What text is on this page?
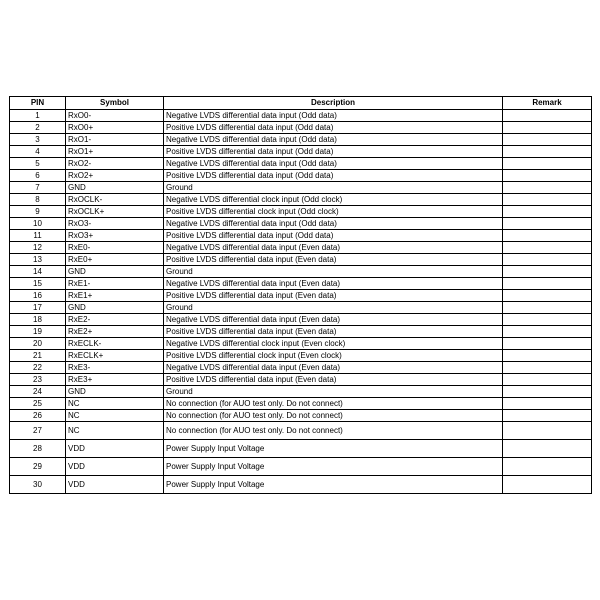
PIN	Symbol	Description	Remark
1	RxO0-	Negative LVDS differential data input (Odd data)	
2	RxO0+	Positive LVDS differential data input (Odd data)	
3	RxO1-	Negative LVDS differential data input (Odd data)	
4	RxO1+	Positive LVDS differential data input (Odd data)	
5	RxO2-	Negative LVDS differential data input (Odd data)	
6	RxO2+	Positive LVDS differential data input (Odd data)	
7	GND	Ground	
8	RxOCLK-	Negative LVDS differential clock input (Odd clock)	
9	RxOCLK+	Positive LVDS differential clock input (Odd clock)	
10	RxO3-	Negative LVDS differential data input (Odd data)	
11	RxO3+	Positive LVDS differential data input (Odd data)	
12	RxE0-	Negative LVDS differential data input (Even data)	
13	RxE0+	Positive LVDS differential data input (Even data)	
14	GND	Ground	
15	RxE1-	Negative LVDS differential data input (Even data)	
16	RxE1+	Positive LVDS differential data input (Even data)	
17	GND	Ground	
18	RxE2-	Negative LVDS differential data input (Even data)	
19	RxE2+	Positive LVDS differential data input (Even data)	
20	RxECLK-	Negative LVDS differential clock input (Even clock)	
21	RxECLK+	Positive LVDS differential clock input (Even clock)	
22	RxE3-	Negative LVDS differential data input (Even data)	
23	RxE3+	Positive LVDS differential data input (Even data)	
24	GND	Ground	
25	NC	No connection (for AUO test only. Do not connect)	
26	NC	No connection (for AUO test only. Do not connect)	
27	NC	No connection (for AUO test only. Do not connect)	
28	VDD	Power Supply Input Voltage	
29	VDD	Power Supply Input Voltage	
30	VDD	Power Supply Input Voltage	
